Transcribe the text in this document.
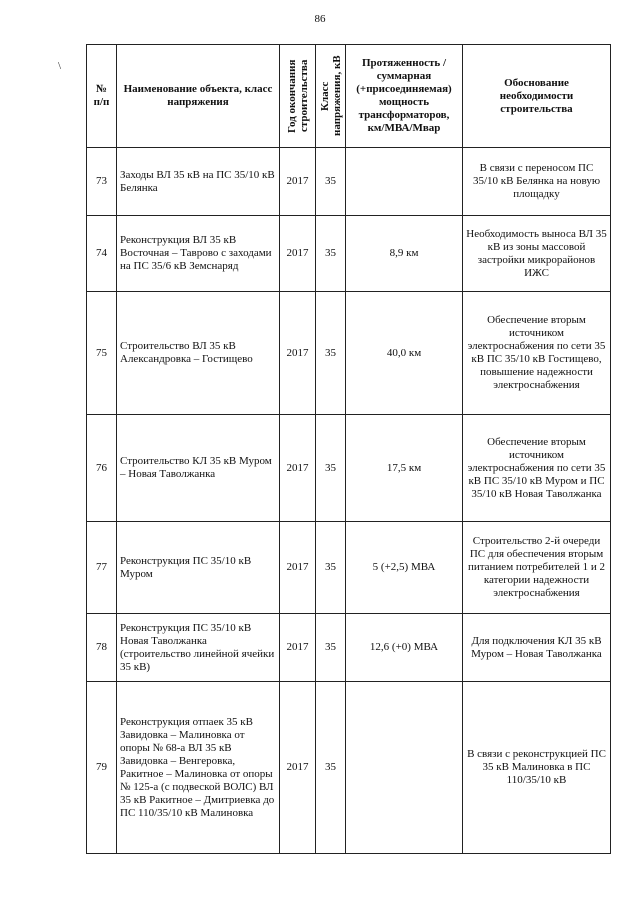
86
\
№ п/п	Наименование объекта, класс напряжения	Год окончания строительства	Класс напряжения, кВ	Протяженность / суммарная (+присоединяемая) мощность трансформаторов, км/МВА/Мвар	Обоснование необходимости строительства
73	Заходы ВЛ 35 кВ на ПС 35/10 кВ Белянка	2017	35		В связи с переносом ПС 35/10 кВ Белянка на новую площадку
74	Реконструкция ВЛ 35 кВ Восточная – Таврово с заходами на ПС 35/6 кВ Земснаряд	2017	35	8,9 км	Необходимость выноса ВЛ 35 кВ из зоны массовой застройки микрорайонов ИЖС
75	Строительство ВЛ 35 кВ Александровка – Гостищево	2017	35	40,0 км	Обеспечение вторым источником электроснабжения по сети 35 кВ ПС 35/10 кВ Гостищево, повышение надежности электроснабжения
76	Строительство КЛ 35 кВ Муром – Новая Таволжанка	2017	35	17,5 км	Обеспечение вторым источником электроснабжения по сети 35 кВ ПС 35/10 кВ Муром и ПС 35/10 кВ Новая Таволжанка
77	Реконструкция ПС 35/10 кВ Муром	2017	35	5 (+2,5) МВА	Строительство 2-й очереди ПС для обеспечения вторым питанием потребителей 1 и 2 категории надежности электроснабжения
78	Реконструкция ПС 35/10 кВ Новая Таволжанка (строительство линейной ячейки 35 кВ)	2017	35	12,6 (+0) МВА	Для подключения КЛ 35 кВ Муром – Новая Таволжанка
79	Реконструкция отпаек 35 кВ Завидовка – Малиновка от опоры № 68-а ВЛ 35 кВ Завидовка – Венгеровка, Ракитное – Малиновка от опоры № 125-а (с подвеской ВОЛС) ВЛ 35 кВ Ракитное – Дмитриевка до ПС 110/35/10 кВ Малиновка	2017	35		В связи с реконструкцией ПС 35 кВ Малиновка в ПС 110/35/10 кВ
